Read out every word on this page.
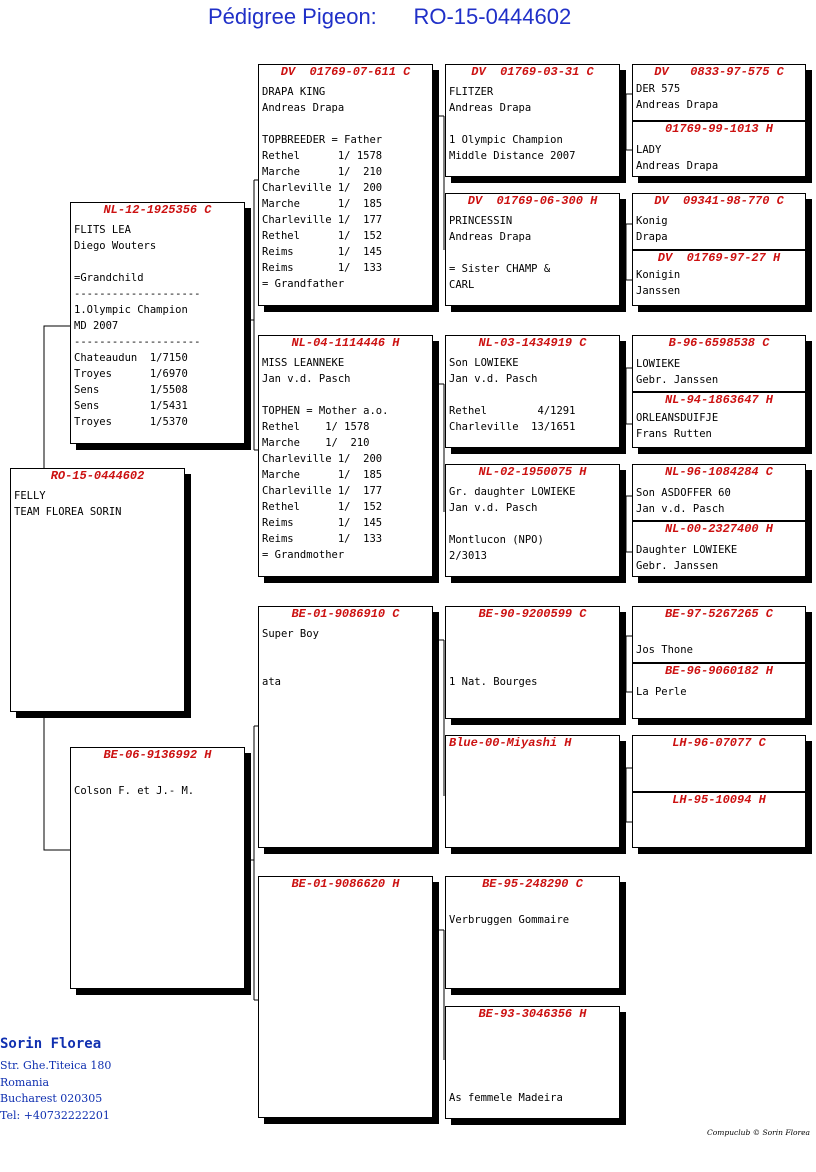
Pédigree Pigeon:      RO-15-0444602
RO-15-0444602
FELLY
TEAM FLOREA SORIN
NL-12-1925356 C
FLITS LEA
Diego Wouters

=Grandchild
--------------------
1.Olympic Champion
MD 2007
--------------------
Chateaudun  1/7150
Troyes      1/6970
Sens        1/5508
Sens        1/5431
Troyes      1/5370
BE-06-9136992 H

Colson F. et J.- M.
DV  01769-07-611 C
DRAPA KING
Andreas Drapa

TOPBREEDER = Father
Rethel      1/ 1578
Marche      1/  210
Charleville 1/  200
Marche      1/  185
Charleville 1/  177
Rethel      1/  152
Reims       1/  145
Reims       1/  133
= Grandfather
NL-04-1114446 H
MISS LEANNEKE
Jan v.d. Pasch

TOPHEN = Mother a.o.
Rethel    1/ 1578
Marche    1/  210
Charleville 1/  200
Marche      1/  185
Charleville 1/  177
Rethel      1/  152
Reims       1/  145
Reims       1/  133
= Grandmother
BE-01-9086910 C
Super Boy

ata
BE-01-9086620 H
DV  01769-03-31 C
FLITZER
Andreas Drapa

1 Olympic Champion
Middle Distance 2007
DV  01769-06-300 H
PRINCESSIN
Andreas Drapa

= Sister CHAMP &
CARL
NL-03-1434919 C
Son LOWIEKE
Jan v.d. Pasch

Rethel        4/1291
Charleville  13/1651
NL-02-1950075 H
Gr. daughter LOWIEKE
Jan v.d. Pasch

Montlucon (NPO)
2/3013
BE-90-9200599 C

1 Nat. Bourges
Blue-00-Miyashi H
BE-95-248290 C

Verbruggen Gommaire
BE-93-3046356 H

As femmele Madeira
DV   0833-97-575 C
DER 575
Andreas Drapa
01769-99-1013 H
LADY
Andreas Drapa
DV  09341-98-770 C
Konig
Drapa
DV  01769-97-27 H
Konigin
Janssen
B-96-6598538 C
LOWIEKE
Gebr. Janssen
NL-94-1863647 H
ORLEANSDUIFJE
Frans Rutten
NL-96-1084284 C
Son ASDOFFER 60
Jan v.d. Pasch
NL-00-2327400 H
Daughter LOWIEKE
Gebr. Janssen
BE-97-5267265 C

Jos Thone
BE-96-9060182 H
La Perle
LH-96-07077 C
LH-95-10094 H
Sorin Florea
Str. Ghe.Titeica 180
Romania
Bucharest 020305
Tel: +40732222201
Compuclub © Sorin Florea
